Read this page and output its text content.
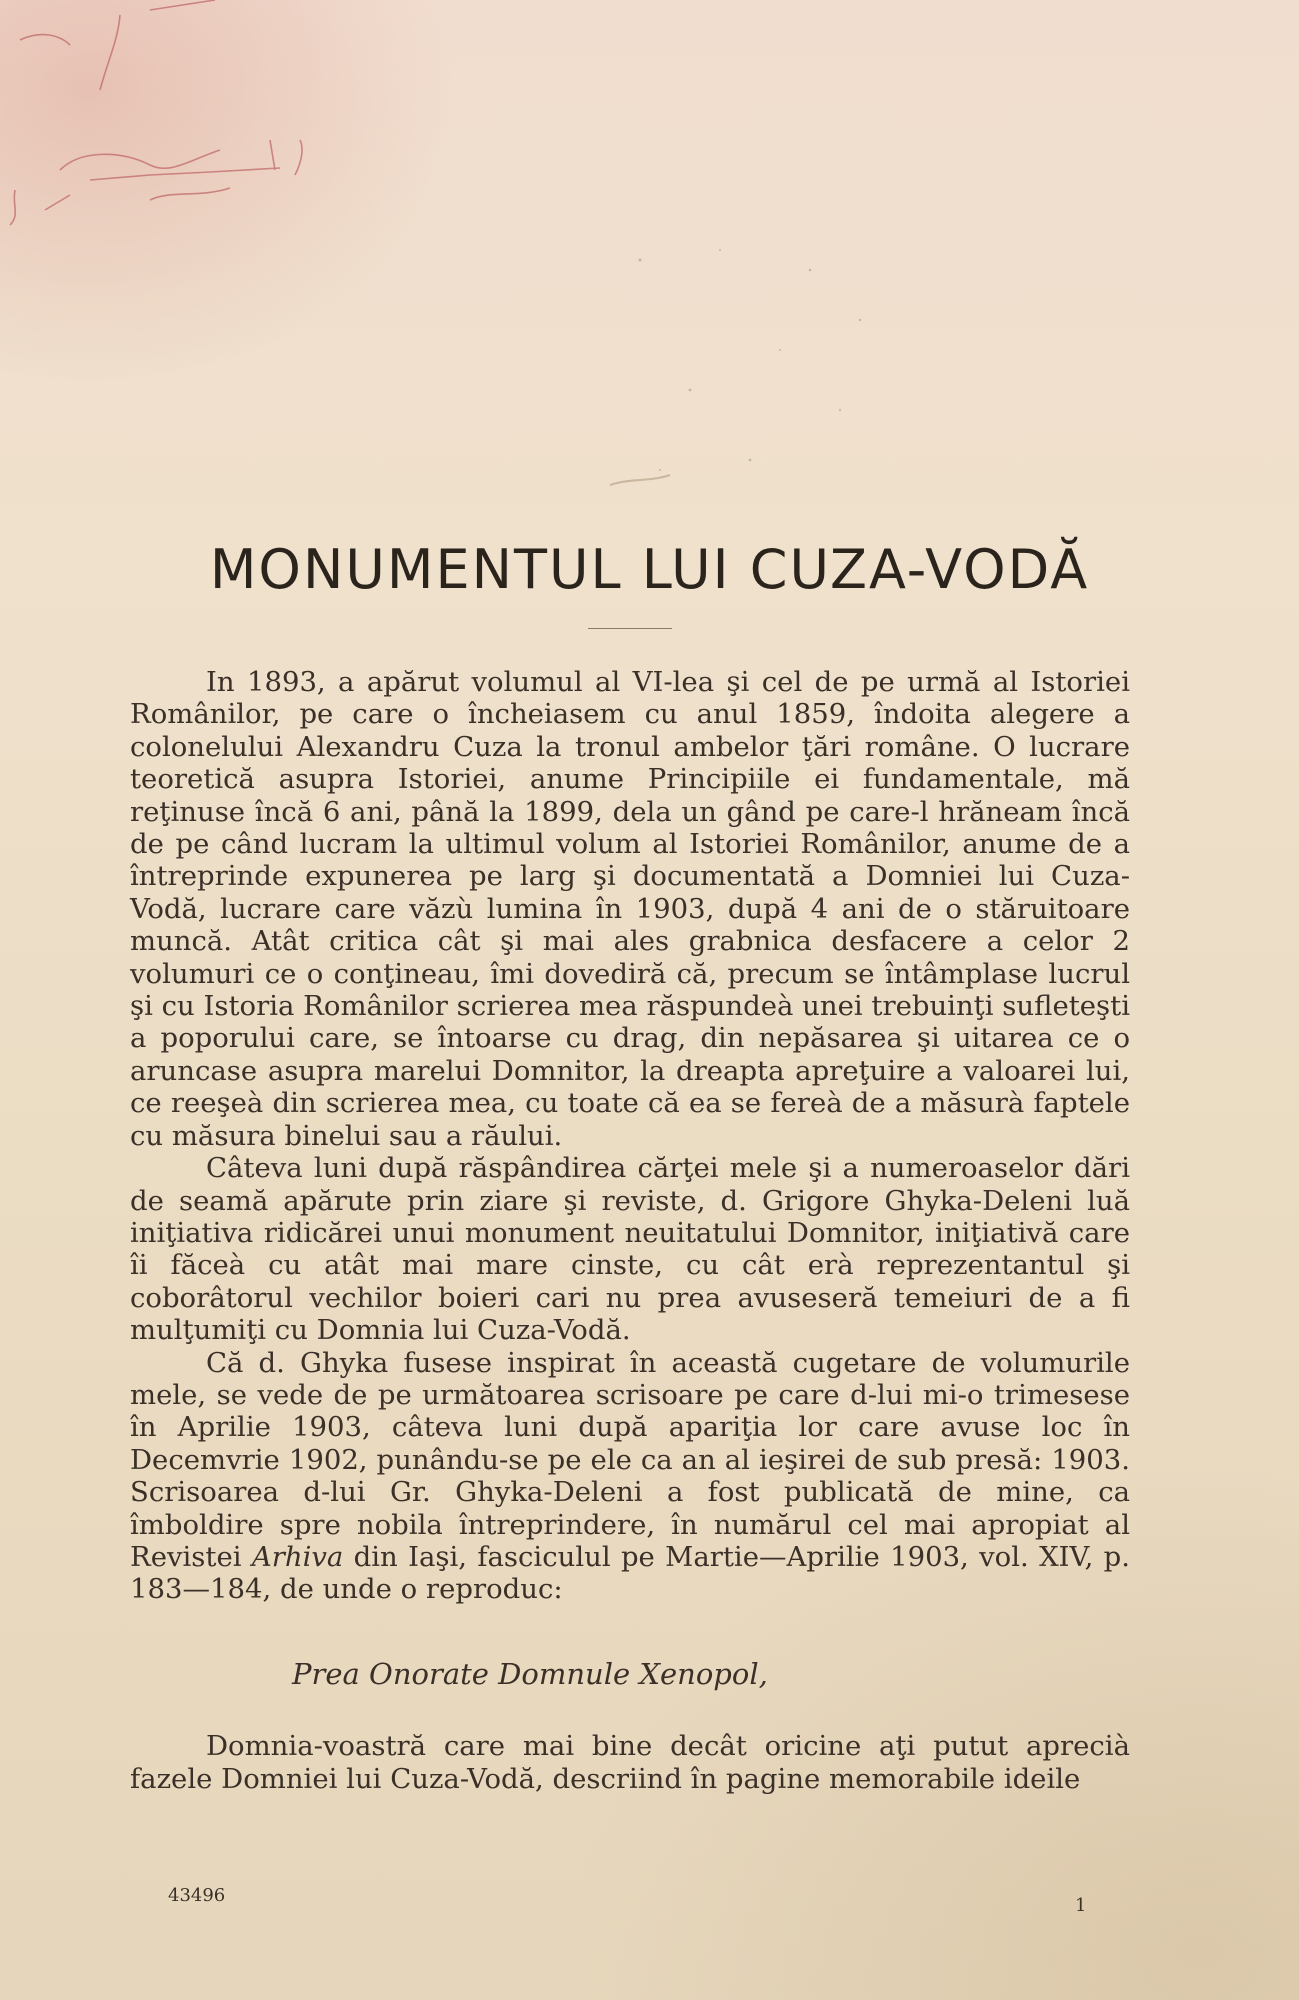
MONUMENTUL LUI CUZA-VODĂ

In 1893, a apărut volumul al VI-lea şi cel de pe urmă al Istoriei Românilor, pe care o încheiasem cu anul 1859, îndoita alegere a colonelului Alexandru Cuza la tronul ambelor ţări române. O lucrare teoretică asupra Istoriei, anume Principiile ei fundamentale, mă reţinuse încă 6 ani, până la 1899, dela un gând pe care-l hrăneam încă de pe când lucram la ultimul volum al Istoriei Românilor, anume de a întreprinde expunerea pe larg şi documentată a Domniei lui Cuza-Vodă, lucrare care văzù lumina în 1903, după 4 ani de o stăruitoare muncă. Atât critica cât şi mai ales grabnica desfacere a celor 2 volumuri ce o conţineau, îmi dovediră că, precum se întâmplase lucrul şi cu Istoria Românilor scrierea mea răspundeà unei trebuinţi sufleteşti a poporului care, se întoarse cu drag, din nepăsarea şi uitarea ce o aruncase asupra marelui Domnitor, la dreapta apreţuire a valoarei lui, ce reeşeà din scrierea mea, cu toate că ea se fereà de a măsurà faptele cu măsura binelui sau a răului.

Câteva luni după răspândirea cărţei mele şi a numeroaselor dări de seamă apărute prin ziare şi reviste, d. Grigore Ghyka-Deleni luă iniţiativa ridicărei unui monument neuitatului Domnitor, iniţiativă care îi făceà cu atât mai mare cinste, cu cât erà reprezentantul şi coborâtorul vechilor boieri cari nu prea avuseseră temeiuri de a fi mulţumiţi cu Domnia lui Cuza-Vodă.

Că d. Ghyka fusese inspirat în această cugetare de volumurile mele, se vede de pe următoarea scrisoare pe care d-lui mi-o trimesese în Aprilie 1903, câteva luni după apariţia lor care avuse loc în Decemvrie 1902, punându-se pe ele ca an al ieşirei de sub presă: 1903. Scrisoarea d-lui Gr. Ghyka-Deleni a fost publicată de mine, ca îmboldire spre nobila întreprindere, în numărul cel mai apropiat al Revistei Arhiva din Iaşi, fasciculul pe Martie—Aprilie 1903, vol. XIV, p. 183—184, de unde o reproduc:

Prea Onorate Domnule Xenopol,

Domnia-voastră care mai bine decât oricine aţi putut aprecià fazele Domniei lui Cuza-Vodă, descriind în pagine memorabile ideile

43496	1
